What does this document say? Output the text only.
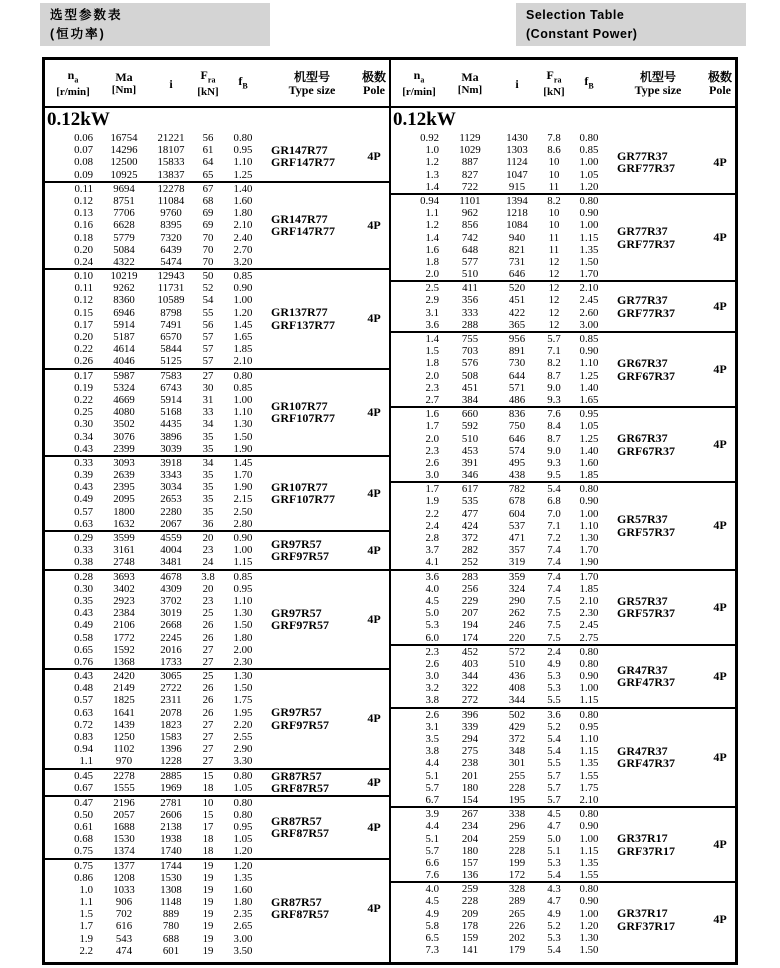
选型参数表
(恒功率)
Selection Table
(Constant Power)
$n_a$
[r/min]
Ma
[Nm]	i
$F_{ra}$
[kN]
$f_B$
机型号
Type size
极数
Pole
0.12kW
0.06	16754	21221	56	0.80
0.07	14296	18107	61	0.95
0.08	12500	15833	64	1.10
0.09	10925	13837	65	1.25
GR147R77
GRF147R77	4P
0.11	9694	12278	67	1.40
0.12	8751	11084	68	1.60
0.13	7706	9760	69	1.80
0.16	6628	8395	69	2.10
0.18	5779	7320	70	2.40
0.20	5084	6439	70	2.70
0.24	4322	5474	70	3.20
GR147R77
GRF147R77	4P
0.10	10219	12943	50	0.85
0.11	9262	11731	52	0.90
0.12	8360	10589	54	1.00
0.15	6946	8798	55	1.20
0.17	5914	7491	56	1.45
0.20	5187	6570	57	1.65
0.22	4614	5844	57	1.85
0.26	4046	5125	57	2.10
GR137R77
GRF137R77	4P
0.17	5987	7583	27	0.80
0.19	5324	6743	30	0.85
0.22	4669	5914	31	1.00
0.25	4080	5168	33	1.10
0.30	3502	4435	34	1.30
0.34	3076	3896	35	1.50
0.43	2399	3039	35	1.90
GR107R77
GRF107R77	4P
0.33	3093	3918	34	1.45
0.39	2639	3343	35	1.70
0.43	2395	3034	35	1.90
0.49	2095	2653	35	2.15
0.57	1800	2280	35	2.50
0.63	1632	2067	36	2.80
GR107R77
GRF107R77	4P
0.29	3599	4559	20	0.90
0.33	3161	4004	23	1.00
0.38	2748	3481	24	1.15
GR97R57
GRF97R57	4P
0.28	3693	4678	3.8	0.85
0.30	3402	4309	20	0.95
0.35	2923	3702	23	1.10
0.43	2384	3019	25	1.30
0.49	2106	2668	26	1.50
0.58	1772	2245	26	1.80
0.65	1592	2016	27	2.00
0.76	1368	1733	27	2.30
GR97R57
GRF97R57	4P
0.43	2420	3065	25	1.30
0.48	2149	2722	26	1.50
0.57	1825	2311	26	1.75
0.63	1641	2078	26	1.95
0.72	1439	1823	27	2.20
0.83	1250	1583	27	2.55
0.94	1102	1396	27	2.90
1.1	970	1228	27	3.30
GR97R57
GRF97R57	4P
0.45	2278	2885	15	0.80
0.67	1555	1969	18	1.05
GR87R57
GRF87R57	4P
0.47	2196	2781	10	0.80
0.50	2057	2606	15	0.80
0.61	1688	2138	17	0.95
0.68	1530	1938	18	1.05
0.75	1374	1740	18	1.20
GR87R57
GRF87R57	4P
0.75	1377	1744	19	1.20
0.86	1208	1530	19	1.35
1.0	1033	1308	19	1.60
1.1	906	1148	19	1.80
1.5	702	889	19	2.35
1.7	616	780	19	2.65
1.9	543	688	19	3.00
2.2	474	601	19	3.50
GR87R57
GRF87R57	4P
$n_a$
[r/min]
Ma
[Nm]	i
$F_{ra}$
[kN]
$f_B$
机型号
Type size
极数
Pole
0.12kW
0.92	1129	1430	7.8	0.80
1.0	1029	1303	8.6	0.85
1.2	887	1124	10	1.00
1.3	827	1047	10	1.05
1.4	722	915	11	1.20
GR77R37
GRF77R37	4P
0.94	1101	1394	8.2	0.80
1.1	962	1218	10	0.90
1.2	856	1084	10	1.00
1.4	742	940	11	1.15
1.6	648	821	11	1.35
1.8	577	731	12	1.50
2.0	510	646	12	1.70
GR77R37
GRF77R37	4P
2.5	411	520	12	2.10
2.9	356	451	12	2.45
3.1	333	422	12	2.60
3.6	288	365	12	3.00
GR77R37
GRF77R37	4P
1.4	755	956	5.7	0.85
1.5	703	891	7.1	0.90
1.8	576	730	8.2	1.10
2.0	508	644	8.7	1.25
2.3	451	571	9.0	1.40
2.7	384	486	9.3	1.65
GR67R37
GRF67R37	4P
1.6	660	836	7.6	0.95
1.7	592	750	8.4	1.05
2.0	510	646	8.7	1.25
2.3	453	574	9.0	1.40
2.6	391	495	9.3	1.60
3.0	346	438	9.5	1.85
GR67R37
GRF67R37	4P
1.7	617	782	5.4	0.80
1.9	535	678	6.8	0.90
2.2	477	604	7.0	1.00
2.4	424	537	7.1	1.10
2.8	372	471	7.2	1.30
3.7	282	357	7.4	1.70
4.1	252	319	7.4	1.90
GR57R37
GRF57R37	4P
3.6	283	359	7.4	1.70
4.0	256	324	7.4	1.85
4.5	229	290	7.5	2.10
5.0	207	262	7.5	2.30
5.3	194	246	7.5	2.45
6.0	174	220	7.5	2.75
GR57R37
GRF57R37	4P
2.3	452	572	2.4	0.80
2.6	403	510	4.9	0.80
3.0	344	436	5.3	0.90
3.2	322	408	5.3	1.00
3.8	272	344	5.5	1.15
GR47R37
GRF47R37	4P
2.6	396	502	3.6	0.80
3.1	339	429	5.2	0.95
3.5	294	372	5.4	1.10
3.8	275	348	5.4	1.15
4.4	238	301	5.5	1.35
5.1	201	255	5.7	1.55
5.7	180	228	5.7	1.75
6.7	154	195	5.7	2.10
GR47R37
GRF47R37	4P
3.9	267	338	4.5	0.80
4.4	234	296	4.7	0.90
5.1	204	259	5.0	1.00
5.7	180	228	5.1	1.15
6.6	157	199	5.3	1.35
7.6	136	172	5.4	1.55
GR37R17
GRF37R17	4P
4.0	259	328	4.3	0.80
4.5	228	289	4.7	0.90
4.9	209	265	4.9	1.00
5.8	178	226	5.2	1.20
6.5	159	202	5.3	1.30
7.3	141	179	5.4	1.50
GR37R17
GRF37R17	4P
